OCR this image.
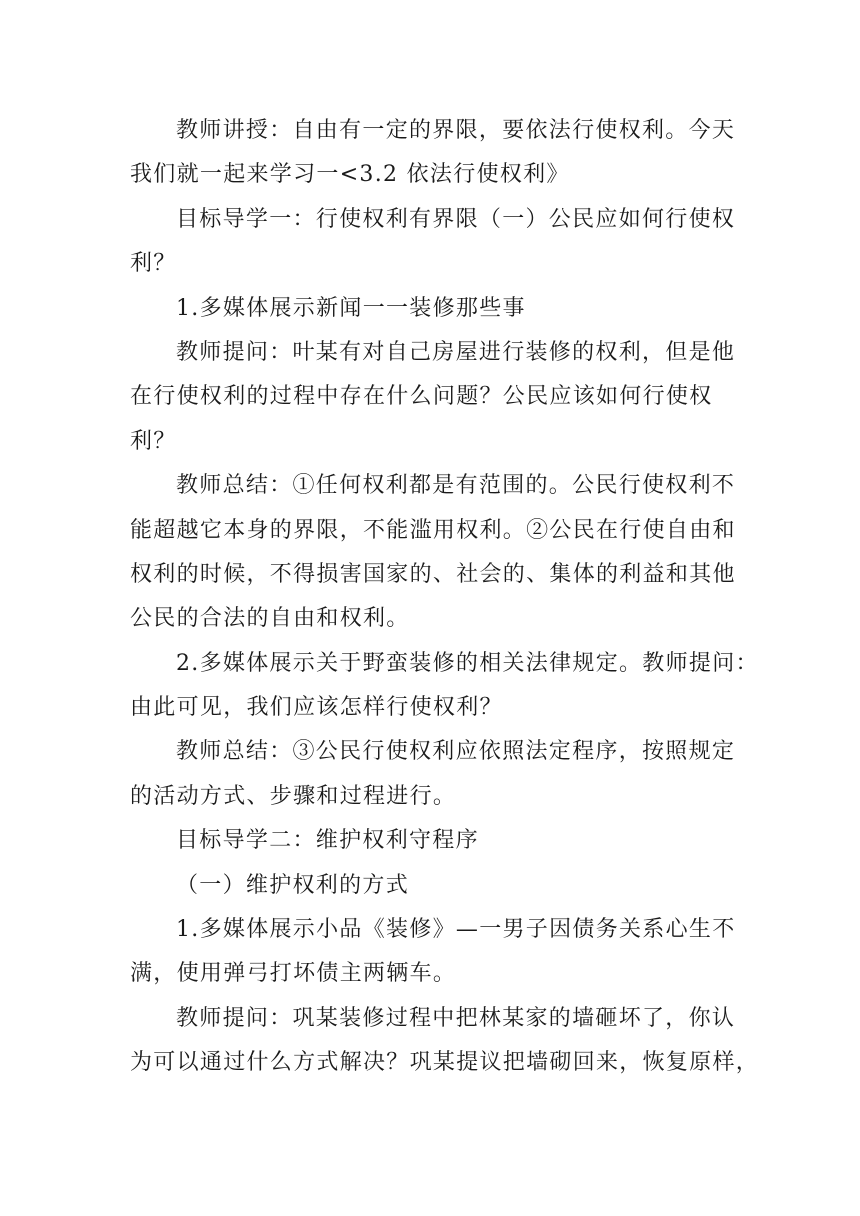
教师讲授：自由有一定的界限，要依法行使权利。今天
我们就一起来学习一<3.2 依法行使权利》
目标导学一：行使权利有界限（一）公民应如何行使权
利？
1.多媒体展示新闻一一装修那些事
教师提问：叶某有对自己房屋进行装修的权利，但是他
在行使权利的过程中存在什么问题？公民应该如何行使权
利？
教师总结：①任何权利都是有范围的。公民行使权利不
能超越它本身的界限，不能滥用权利。②公民在行使自由和
权利的时候，不得损害国家的、社会的、集体的利益和其他
公民的合法的自由和权利。
2.多媒体展示关于野蛮装修的相关法律规定。教师提问：
由此可见，我们应该怎样行使权利？
教师总结：③公民行使权利应依照法定程序，按照规定
的活动方式、步骤和过程进行。
目标导学二：维护权利守程序
（一）维护权利的方式
1.多媒体展示小品《装修》—一男子因债务关系心生不
满，使用弹弓打坏债主两辆车。
教师提问：巩某装修过程中把林某家的墙砸坏了，你认
为可以通过什么方式解决？巩某提议把墙砌回来，恢复原样，
